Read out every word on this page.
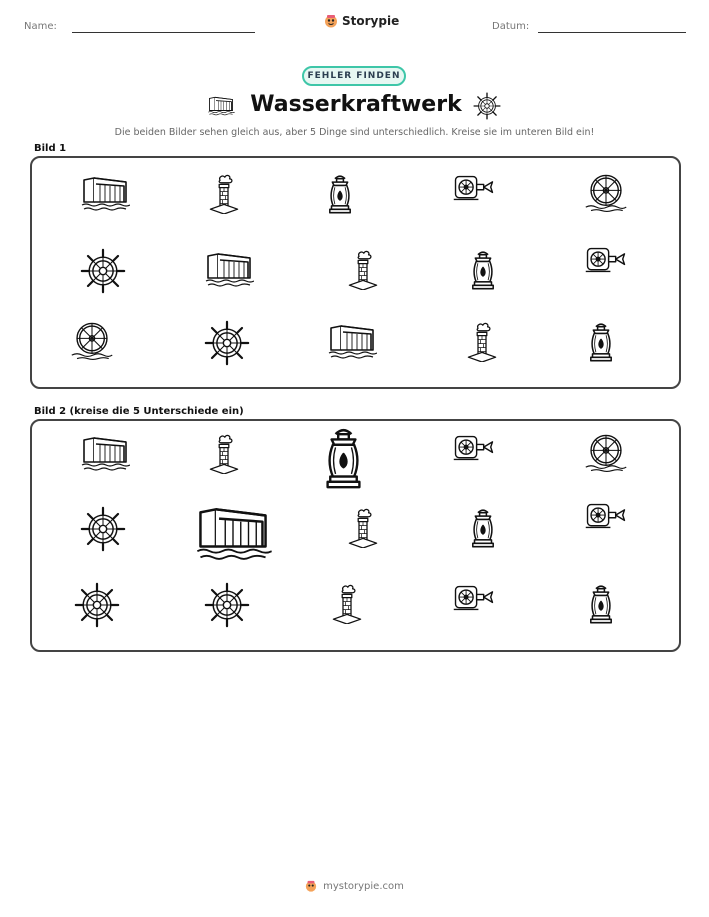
Name:	Storypie	Datum:
FEHLER FINDEN
Wasserkraftwerk
Die beiden Bilder sehen gleich aus, aber 5 Dinge sind unterschiedlich. Kreise sie im unteren Bild ein!
Bild 1
Bild 2 (kreise die 5 Unterschiede ein)
mystorypie.com
